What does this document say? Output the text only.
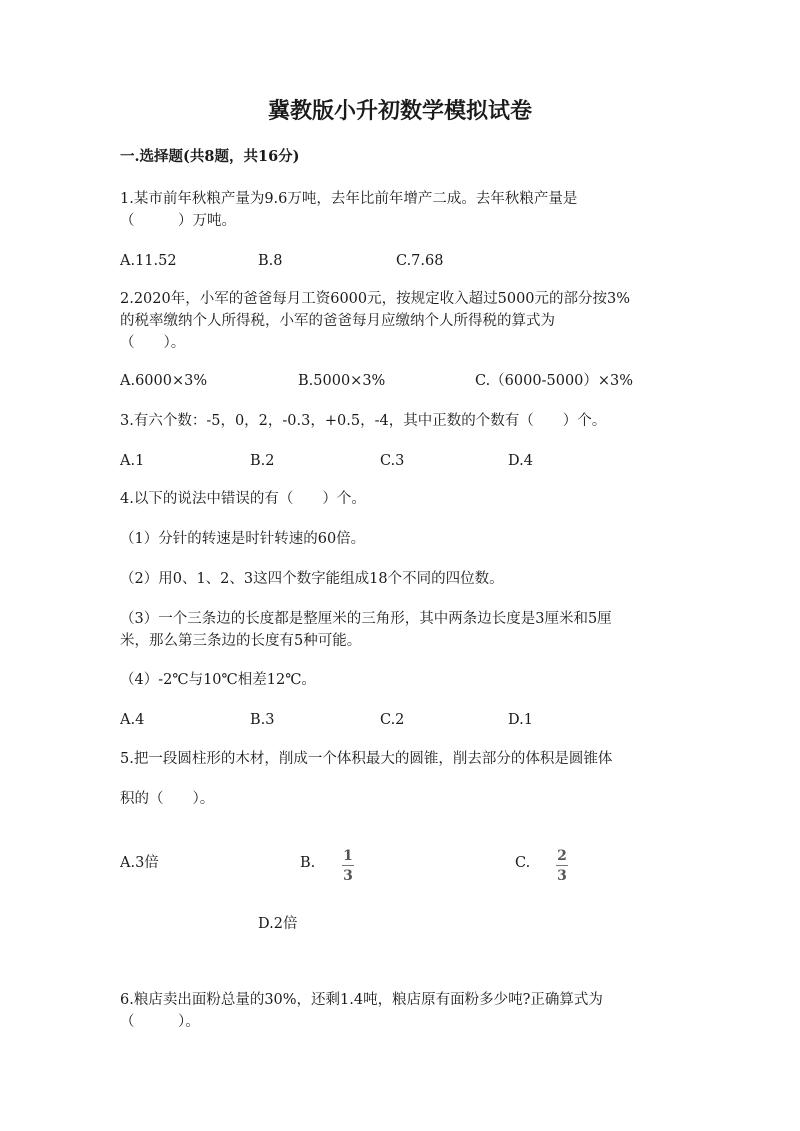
冀教版小升初数学模拟试卷
一.选择题(共8题，共16分)
1.某市前年秋粮产量为9.6万吨，去年比前年增产二成。去年秋粮产量是
（　　　）万吨。
A.11.52	B.8	C.7.68
2.2020年，小军的爸爸每月工资6000元，按规定收入超过5000元的部分按3%
的税率缴纳个人所得税，小军的爸爸每月应缴纳个人所得税的算式为
（　　）。
A.6000×3%	B.5000×3%	C.（6000-5000）×3%
3.有六个数：-5，0，2，-0.3，+0.5，-4，其中正数的个数有（　　）个。
A.1	B.2	C.3	D.4
4.以下的说法中错误的有（　　）个。
（1）分针的转速是时针转速的60倍。
（2）用0、1、2、3这四个数字能组成18个不同的四位数。
（3）一个三条边的长度都是整厘米的三角形，其中两条边长度是3厘米和5厘
米，那么第三条边的长度有5种可能。
（4）-2℃与10℃相差12℃。
A.4	B.3	C.2	D.1
5.把一段圆柱形的木材，削成一个体积最大的圆锥，削去部分的体积是圆锥体
积的（　　）。
A.3倍	B. 1
3
C. 2
3
D.2倍
6.粮店卖出面粉总量的30%，还剩1.4吨，粮店原有面粉多少吨?正确算式为
（　　　）。
